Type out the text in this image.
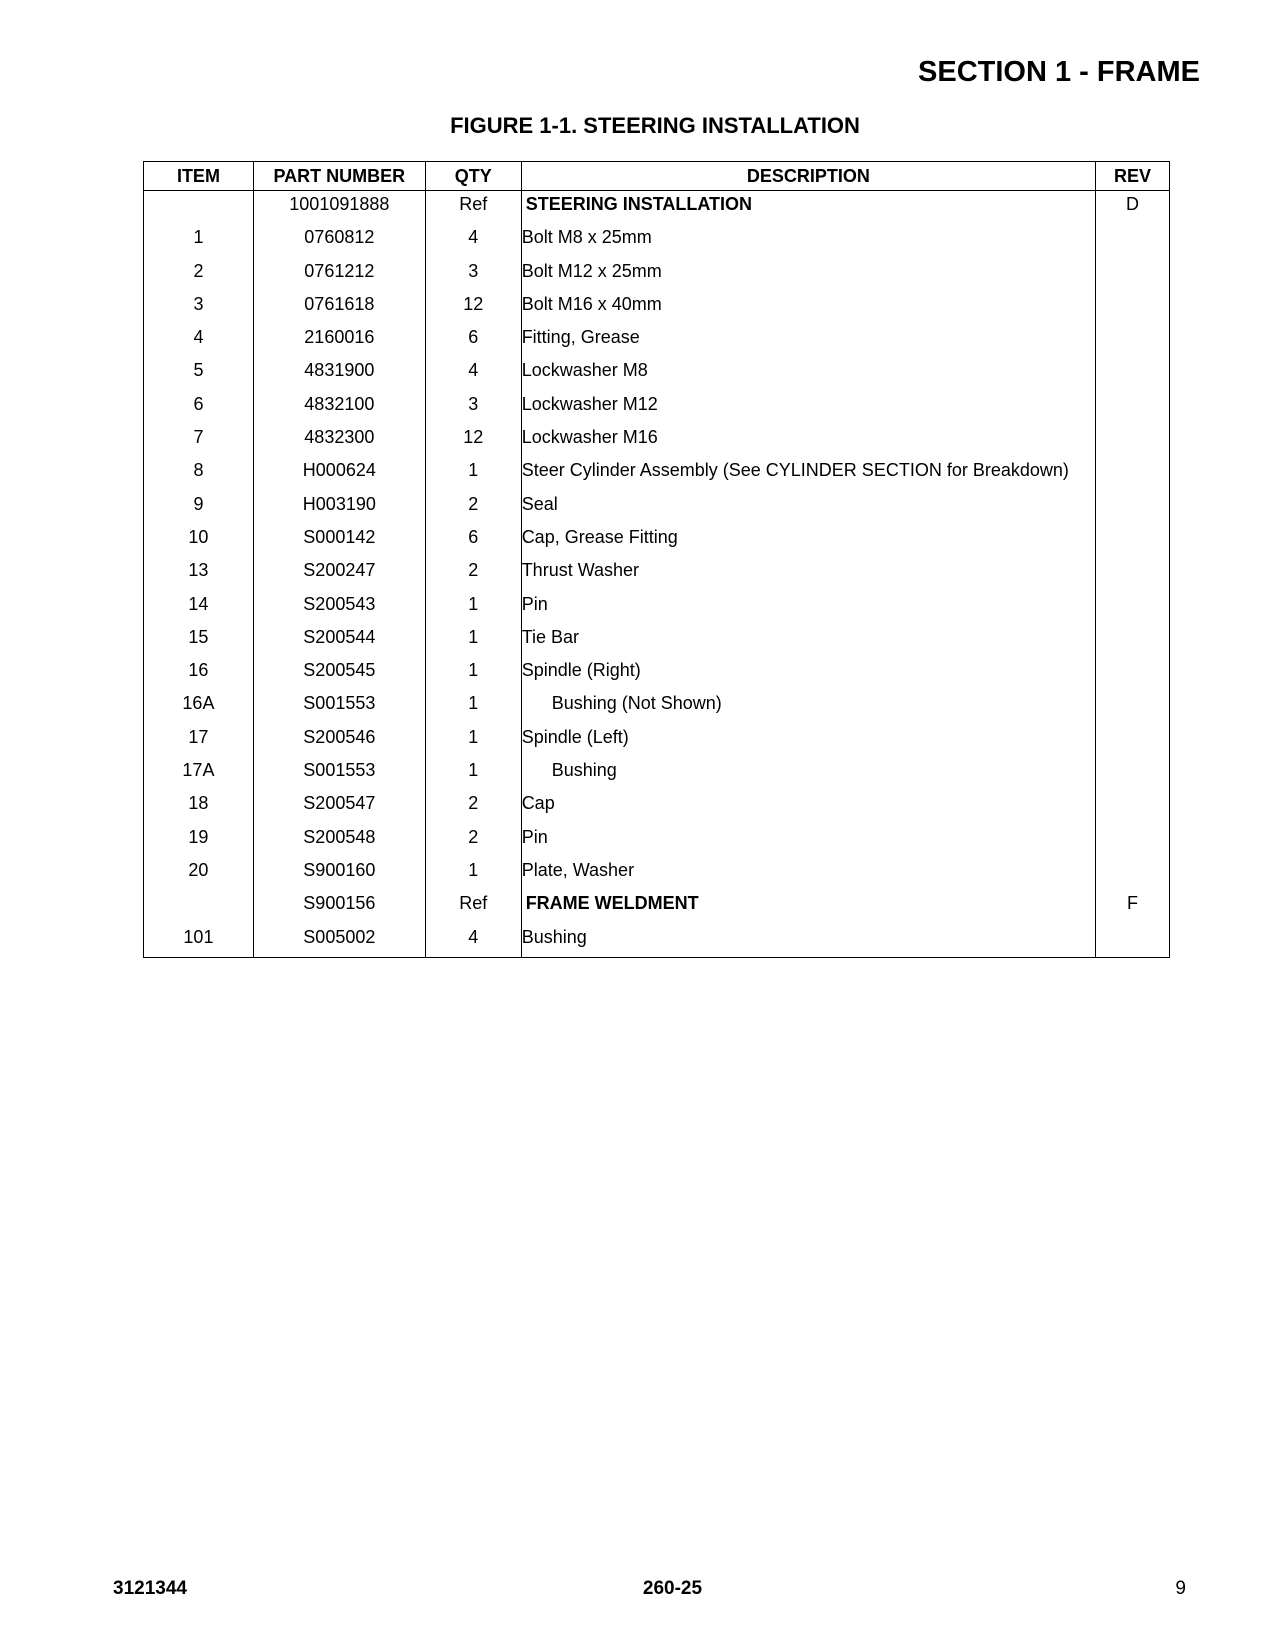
SECTION 1 - FRAME
FIGURE 1-1. STEERING INSTALLATION
ITEM	PART NUMBER	QTY	DESCRIPTION	REV
	1001091888	Ref	STEERING INSTALLATION	D
1	0760812	4	Bolt M8 x 25mm	
2	0761212	3	Bolt M12 x 25mm	
3	0761618	12	Bolt M16 x 40mm	
4	2160016	6	Fitting, Grease	
5	4831900	4	Lockwasher M8	
6	4832100	3	Lockwasher M12	
7	4832300	12	Lockwasher M16	
8	H000624	1	Steer Cylinder Assembly (See CYLINDER SECTION for Breakdown)	
9	H003190	2	Seal	
10	S000142	6	Cap, Grease Fitting	
13	S200247	2	Thrust Washer	
14	S200543	1	Pin	
15	S200544	1	Tie Bar	
16	S200545	1	Spindle (Right)	
16A	S001553	1	Bushing (Not Shown)	
17	S200546	1	Spindle (Left)	
17A	S001553	1	Bushing	
18	S200547	2	Cap	
19	S200548	2	Pin	
20	S900160	1	Plate, Washer	
	S900156	Ref	FRAME WELDMENT	F
101	S005002	4	Bushing	
3121344	260-25	9
